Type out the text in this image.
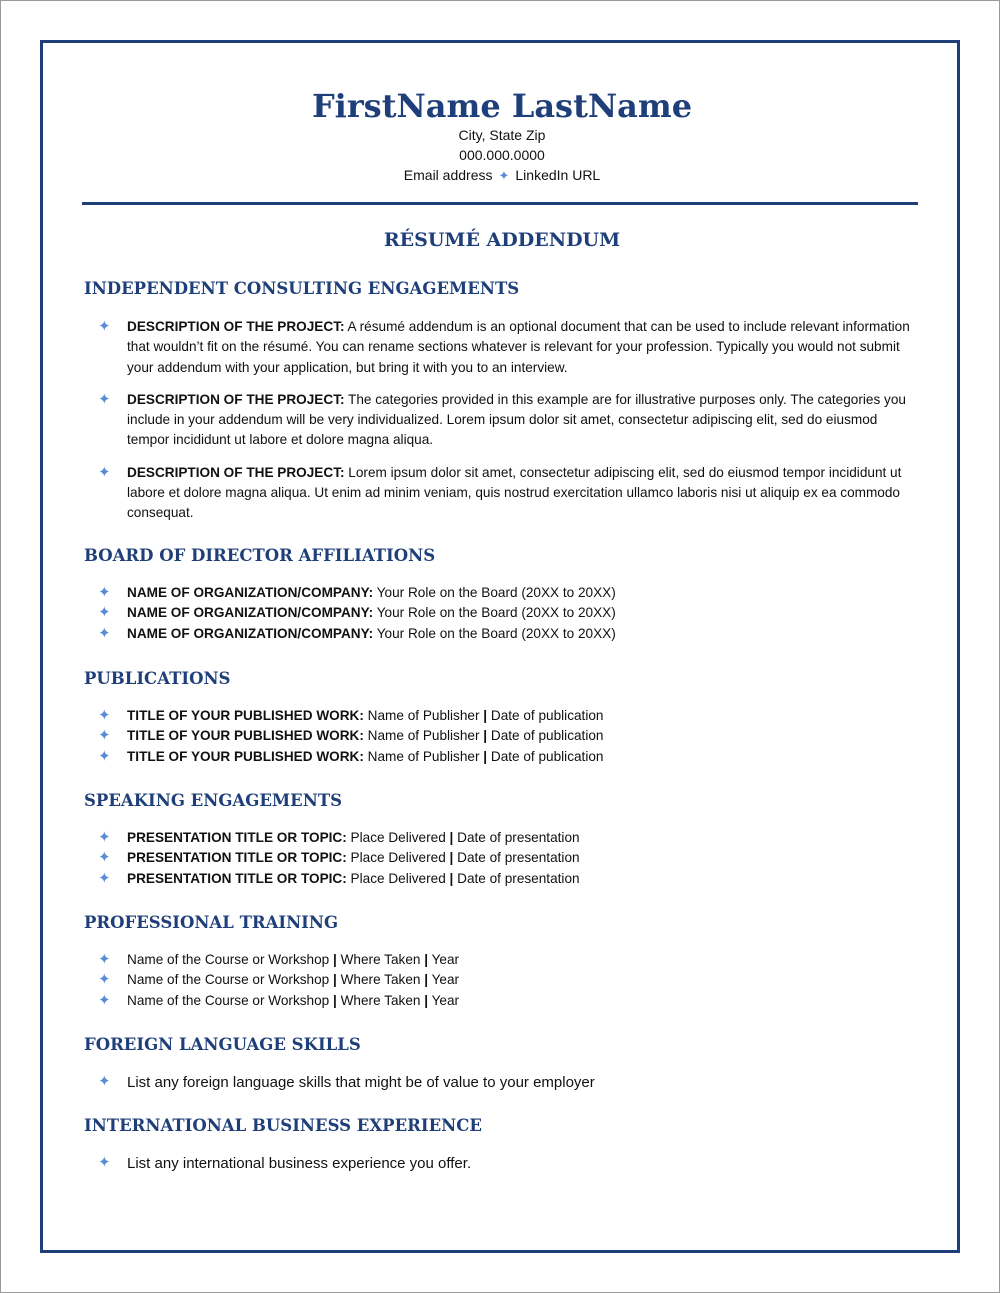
FirstName LastName
City, State Zip
000.000.0000
Email address ✦ LinkedIn URL
RÉSUMÉ ADDENDUM
INDEPENDENT CONSULTING ENGAGEMENTS
✦ DESCRIPTION OF THE PROJECT: A résumé addendum is an optional document that can be used to include relevant information that wouldn’t fit on the résumé. You can rename sections whatever is relevant for your profession. Typically you would not submit your addendum with your application, but bring it with you to an interview.
✦ DESCRIPTION OF THE PROJECT: The categories provided in this example are for illustrative purposes only. The categories you include in your addendum will be very individualized. Lorem ipsum dolor sit amet, consectetur adipiscing elit, sed do eiusmod tempor incididunt ut labore et dolore magna aliqua.
✦ DESCRIPTION OF THE PROJECT: Lorem ipsum dolor sit amet, consectetur adipiscing elit, sed do eiusmod tempor incididunt ut labore et dolore magna aliqua. Ut enim ad minim veniam, quis nostrud exercitation ullamco laboris nisi ut aliquip ex ea commodo consequat.
BOARD OF DIRECTOR AFFILIATIONS
✦ NAME OF ORGANIZATION/COMPANY: Your Role on the Board (20XX to 20XX)
✦ NAME OF ORGANIZATION/COMPANY: Your Role on the Board (20XX to 20XX)
✦ NAME OF ORGANIZATION/COMPANY: Your Role on the Board (20XX to 20XX)
PUBLICATIONS
✦ TITLE OF YOUR PUBLISHED WORK: Name of Publisher | Date of publication
✦ TITLE OF YOUR PUBLISHED WORK: Name of Publisher | Date of publication
✦ TITLE OF YOUR PUBLISHED WORK: Name of Publisher | Date of publication
SPEAKING ENGAGEMENTS
✦ PRESENTATION TITLE OR TOPIC: Place Delivered | Date of presentation
✦ PRESENTATION TITLE OR TOPIC: Place Delivered | Date of presentation
✦ PRESENTATION TITLE OR TOPIC: Place Delivered | Date of presentation
PROFESSIONAL TRAINING
✦ Name of the Course or Workshop | Where Taken | Year
✦ Name of the Course or Workshop | Where Taken | Year
✦ Name of the Course or Workshop | Where Taken | Year
FOREIGN LANGUAGE SKILLS
✦ List any foreign language skills that might be of value to your employer
INTERNATIONAL BUSINESS EXPERIENCE
✦ List any international business experience you offer.
